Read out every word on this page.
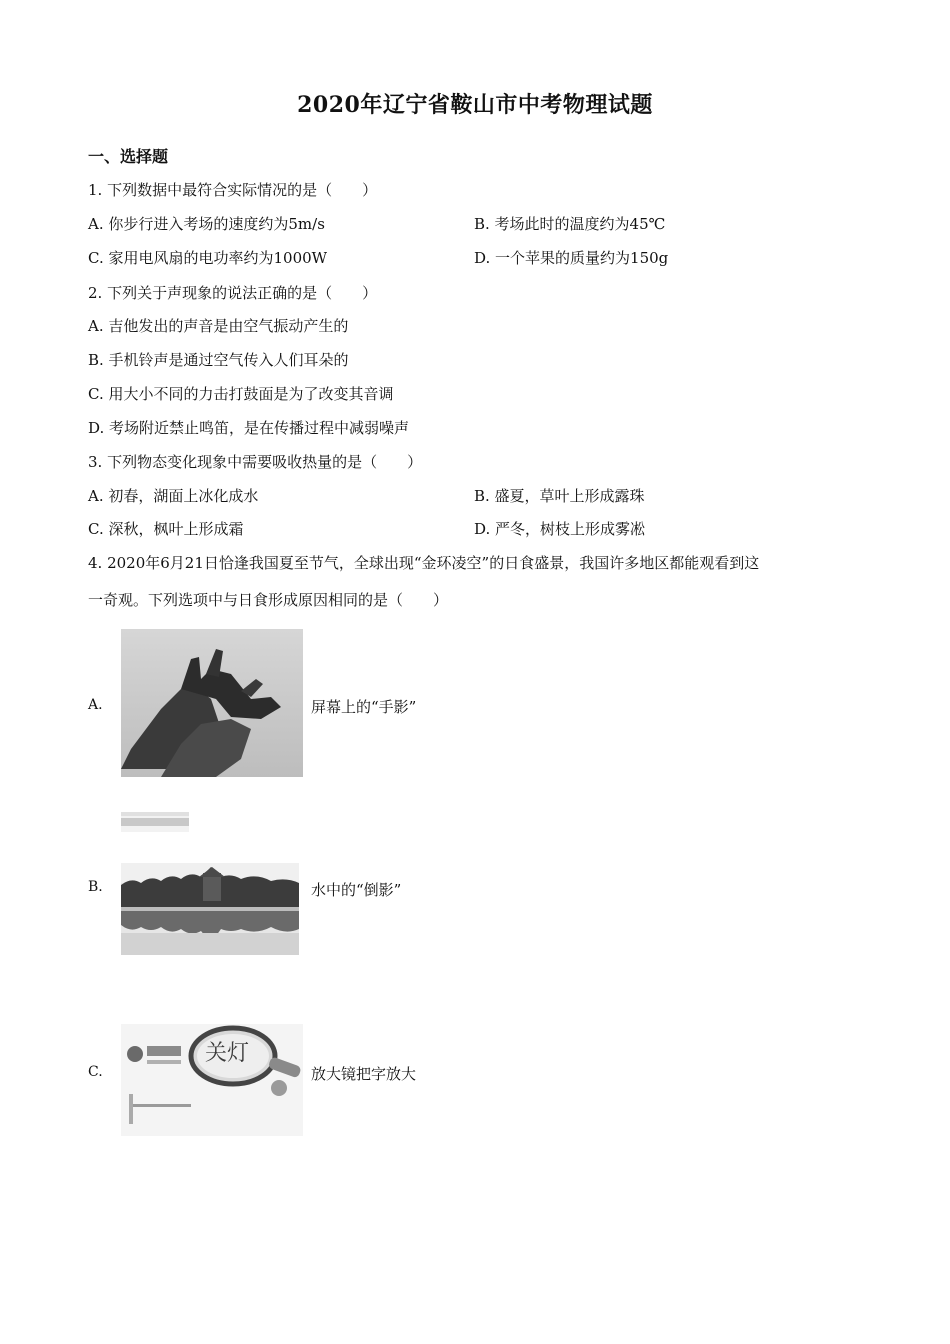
2020年辽宁省鞍山市中考物理试题
一、选择题
1. 下列数据中最符合实际情况的是（　　）
A. 你步行进入考场的速度约为5m/s	B. 考场此时的温度约为45℃
C. 家用电风扇的电功率约为1000W	D. 一个苹果的质量约为150g
2. 下列关于声现象的说法正确的是（　　）
A. 吉他发出的声音是由空气振动产生的
B. 手机铃声是通过空气传入人们耳朵的
C. 用大小不同的力击打鼓面是为了改变其音调
D. 考场附近禁止鸣笛，是在传播过程中减弱噪声
3. 下列物态变化现象中需要吸收热量的是（　　）
A. 初春，湖面上冰化成水	B. 盛夏，草叶上形成露珠
C. 深秋，枫叶上形成霜	D. 严冬，树枝上形成雾凇
4. 2020年6月21日恰逢我国夏至节气，全球出现“金环凌空”的日食盛景，我国许多地区都能观看到这
一奇观。下列选项中与日食形成原因相同的是（　　）
A.	屏幕上的“手影”
B.	水中的“倒影”
C.
关灯
放大镜把字放大
